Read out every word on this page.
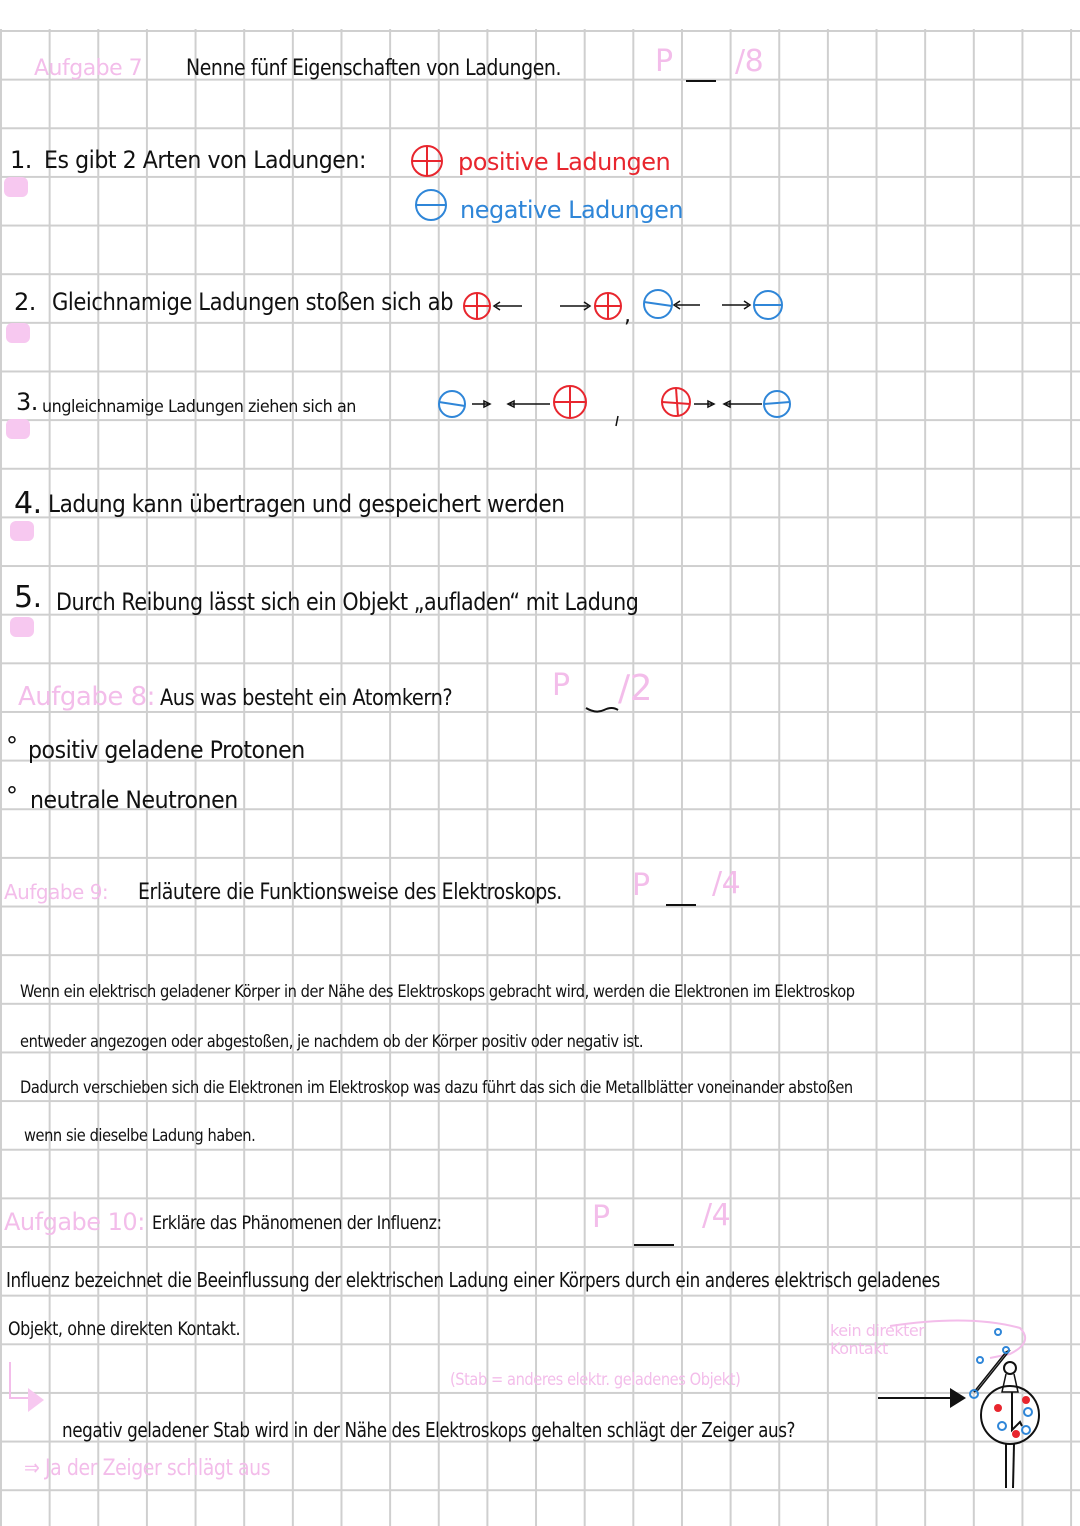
Aufgabe 7 Nenne fünf Eigenschaften von Ladungen.	P /8
1. Es gibt 2 Arten von Ladungen:	positive Ladungen
negative Ladungen
2. Gleichnamige Ladungen stoßen sich ab	,
3. ungleichnamige Ladungen ziehen sich an
4. Ladung kann übertragen und gespeichert werden
5. Durch Reibung lässt sich ein Objekt „aufladen“ mit Ladung
Aufgabe 8: Aus was besteht ein Atomkern?	P /2
° positiv geladene Protonen
° neutrale Neutronen
Aufgabe 9: Erläutere die Funktionsweise des Elektroskops. P /4
Wenn ein elektrisch geladener Körper in der Nähe des Elektroskops gebracht wird, werden die Elektronen im Elektroskop
entweder angezogen oder abgestoßen, je nachdem ob der Körper positiv oder negativ ist.
Dadurch verschieben sich die Elektronen im Elektroskop was dazu führt das sich die Metallblätter voneinander abstoßen
wenn sie dieselbe Ladung haben.
Aufgabe 10: Erkläre das Phänomenen der Influenz:	P	/4
Influenz bezeichnet die Beeinflussung der elektrischen Ladung einer Körpers durch ein anderes elektrisch geladenes
Objekt, ohne direkten Kontakt.	kein direkter Kontakt
(Stab = anderes elektr. geladenes Objekt)
negativ geladener Stab wird in der Nähe des Elektroskops gehalten schlägt der Zeiger aus?
⇒ Ja der Zeiger schlägt aus
